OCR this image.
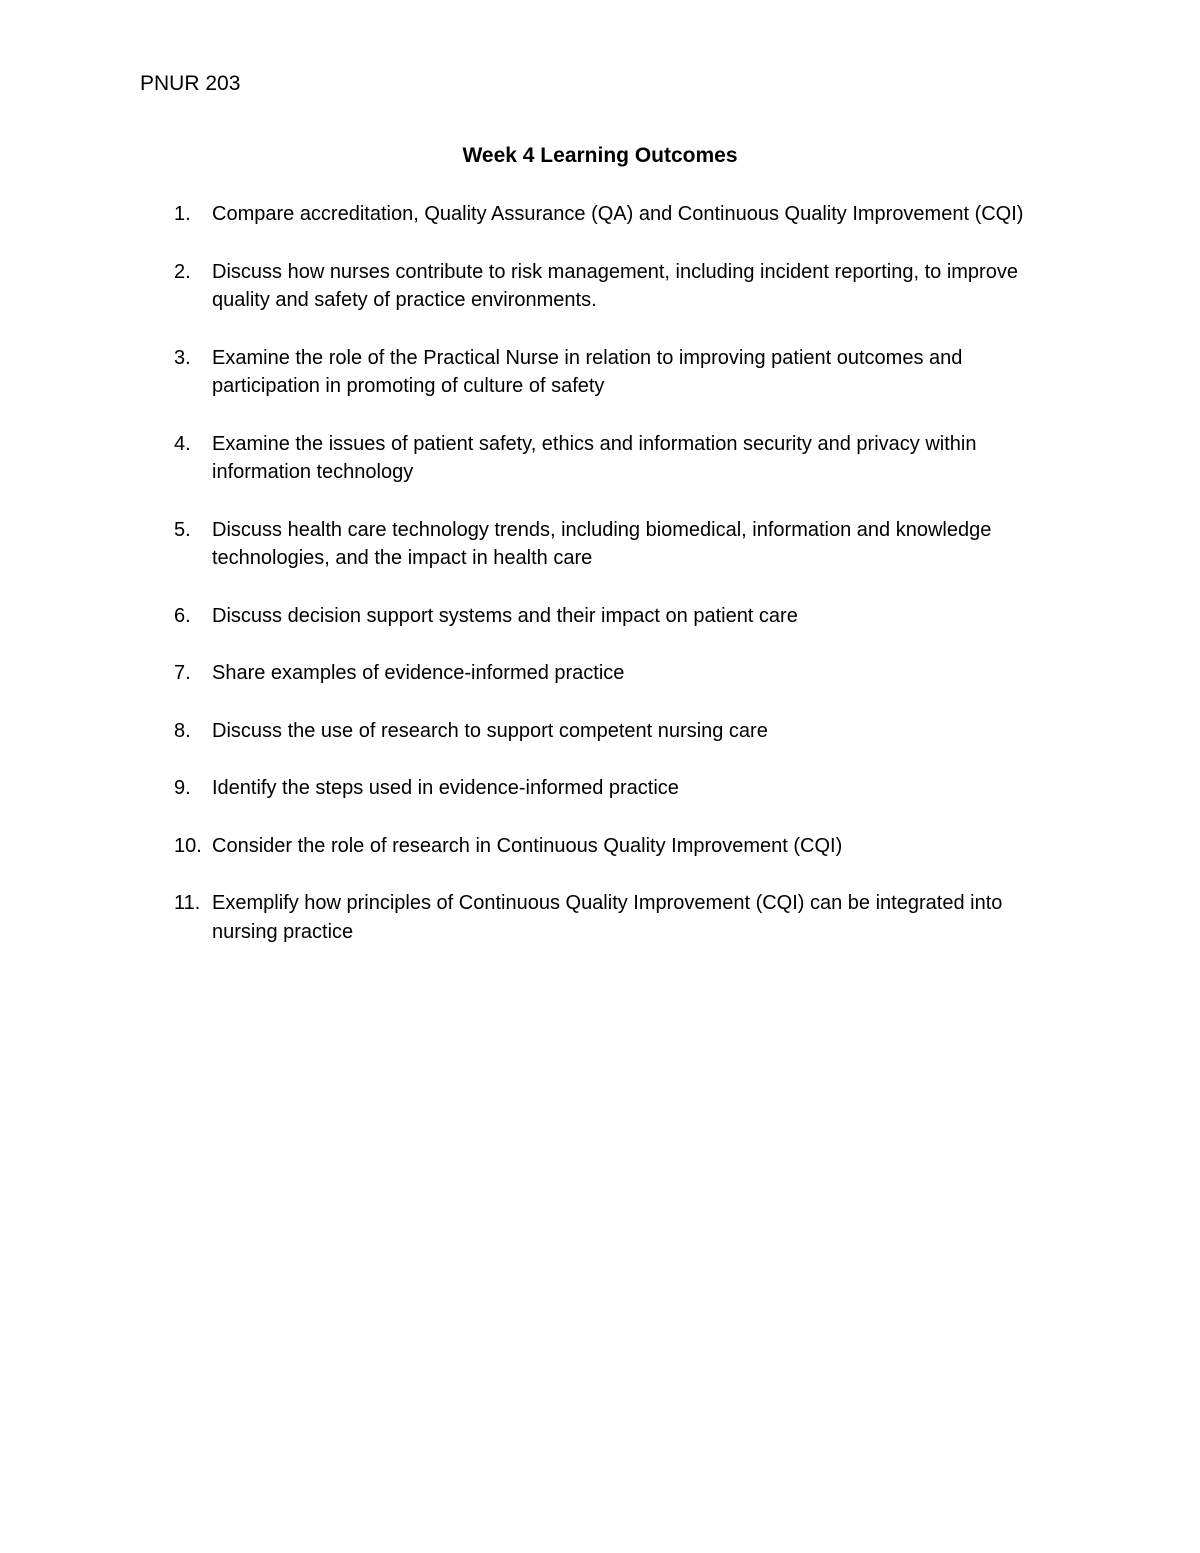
PNUR 203
Week 4 Learning Outcomes
1. Compare accreditation, Quality Assurance (QA) and Continuous Quality Improvement (CQI)
2. Discuss how nurses contribute to risk management, including incident reporting, to improve quality and safety of practice environments.
3. Examine the role of the Practical Nurse in relation to improving patient outcomes and participation in promoting of culture of safety
4. Examine the issues of patient safety, ethics and information security and privacy within information technology
5. Discuss health care technology trends, including biomedical, information and knowledge technologies, and the impact in health care
6. Discuss decision support systems and their impact on patient care
7. Share examples of evidence-informed practice
8. Discuss the use of research to support competent nursing care
9. Identify the steps used in evidence-informed practice
10. Consider the role of research in Continuous Quality Improvement (CQI)
11. Exemplify how principles of Continuous Quality Improvement (CQI) can be integrated into nursing practice
